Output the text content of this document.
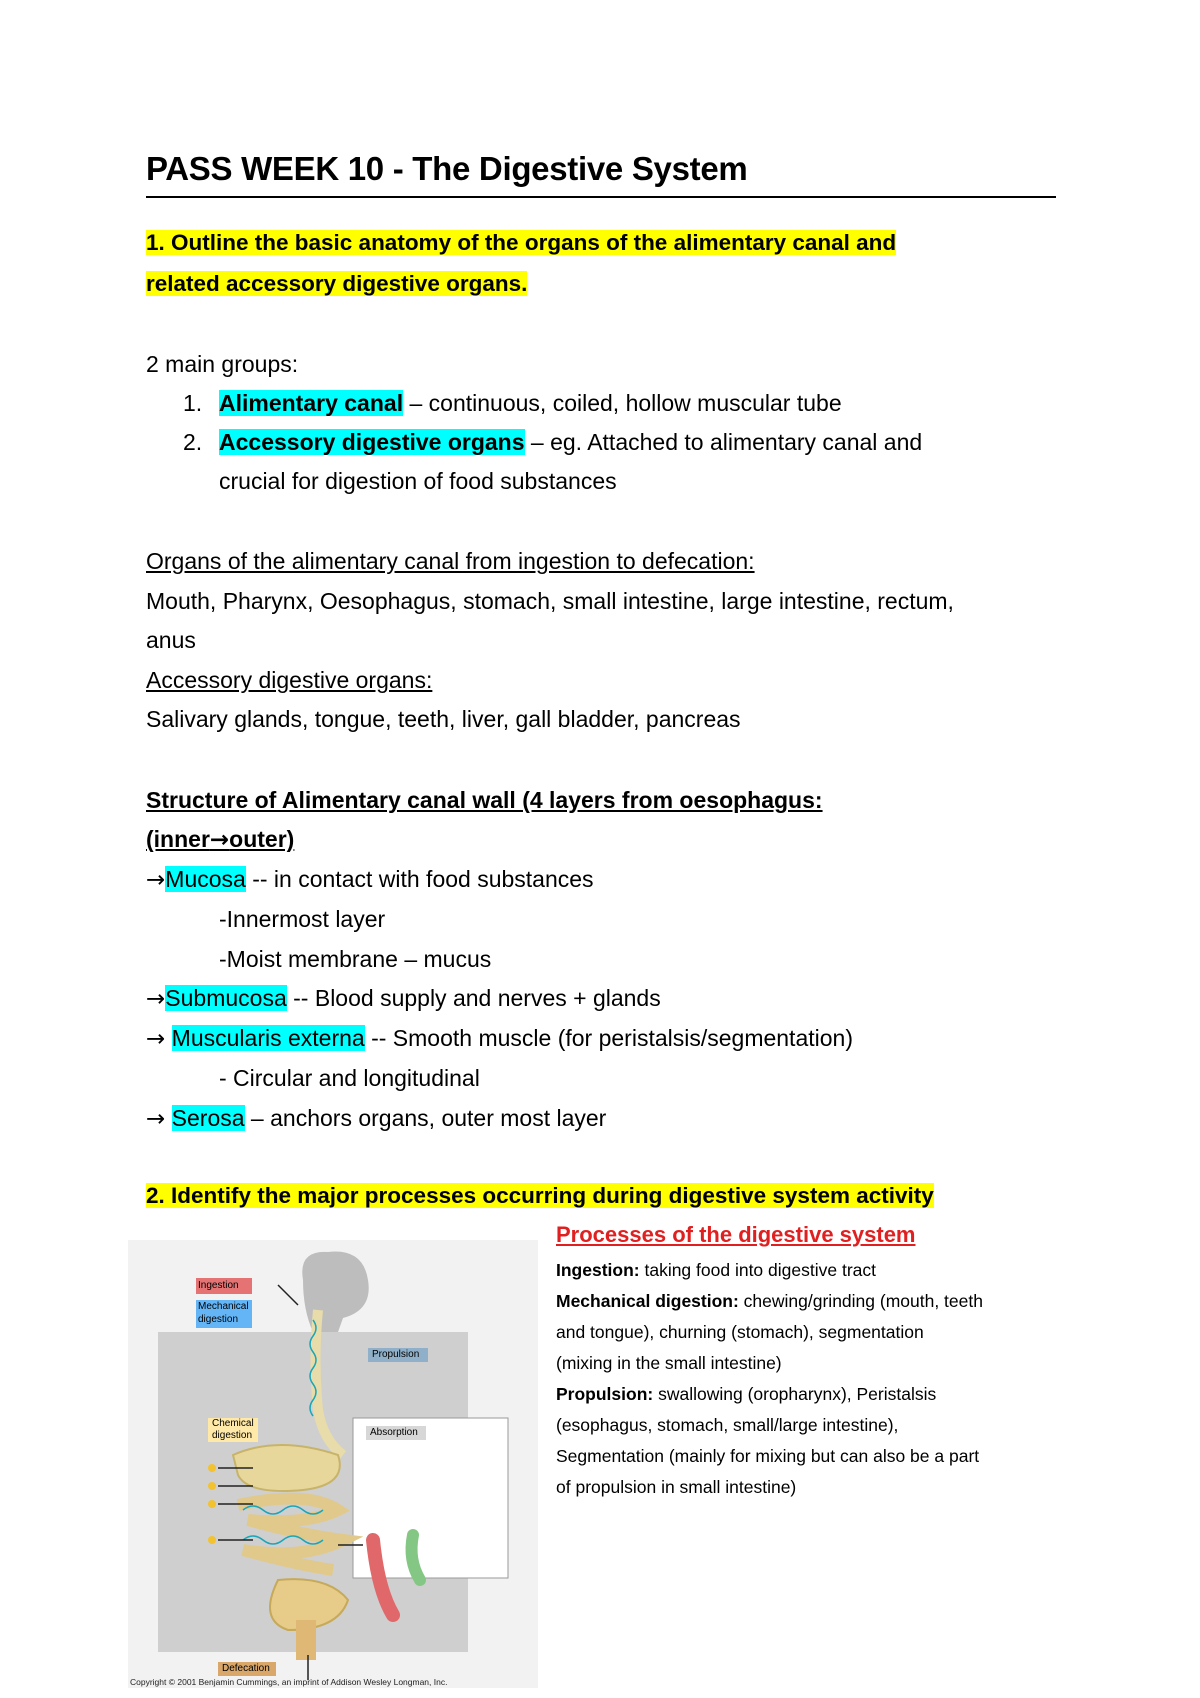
PASS WEEK 10 - The Digestive System
1. Outline the basic anatomy of the organs of the alimentary canal and
related accessory digestive organs.
2 main groups:
1. Alimentary canal – continuous, coiled, hollow muscular tube
2. Accessory digestive organs – eg. Attached to alimentary canal and
crucial for digestion of food substances
Organs of the alimentary canal from ingestion to defecation:
Mouth, Pharynx, Oesophagus, stomach, small intestine, large intestine, rectum,
anus
Accessory digestive organs:
Salivary glands, tongue, teeth, liver, gall bladder, pancreas
Structure of Alimentary canal wall (4 layers from oesophagus:
(inner→outer)
→Mucosa -- in contact with food substances
-Innermost layer
-Moist membrane – mucus
→Submucosa -- Blood supply and nerves + glands
→ Muscularis externa -- Smooth muscle (for peristalsis/segmentation)
- Circular and longitudinal
→ Serosa – anchors organs, outer most layer
2. Identify the major processes occurring during digestive system activity
Processes of the digestive system
Ingestion: taking food into digestive tract
Mechanical digestion: chewing/grinding (mouth, teeth
and tongue), churning (stomach), segmentation
(mixing in the small intestine)
Propulsion: swallowing (oropharynx), Peristalsis
(esophagus, stomach, small/large intestine),
Segmentation (mainly for mixing but can also be a part
of propulsion in small intestine)
Ingestion
Mechanical
digestion
Propulsion
Chemical
digestion	Absorption
Defecation
Copyright © 2001 Benjamin Cummings, an imprint of Addison Wesley Longman, Inc.
